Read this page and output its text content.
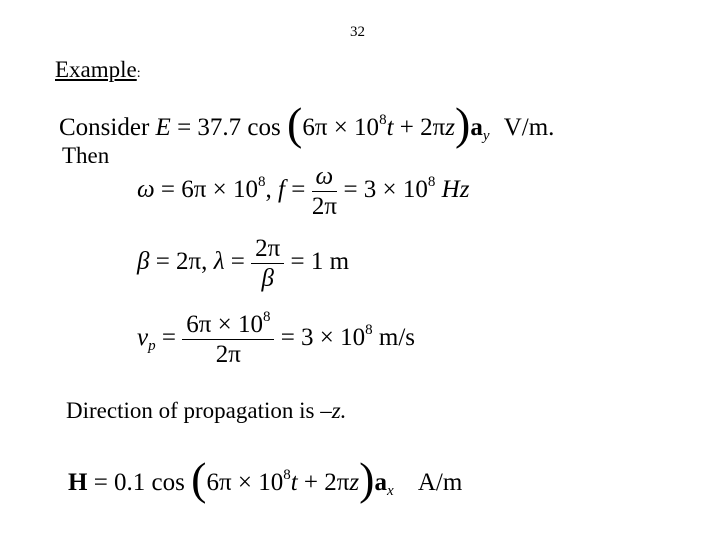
32
Example:
Consider E = 37.7 $\cos (6\pi \times 10^8t + 2\pi z)a_y$ V/m.
Then
$\omega = 6\pi \times 10^8$, $f = \frac{\omega}{2\pi} = 3 \times 10^8$ Hz
β = 2π, $\lambda = \frac{2\pi}{\beta} = 1$ m
$v_p = \frac{6\pi \times 10^8}{2\pi} = 3 \times 10^8$ m/s
Direction of propagation is –z.
H = 0.1 $\cos (6\pi \times 10^8t + 2\pi z)a_x$ A/m
